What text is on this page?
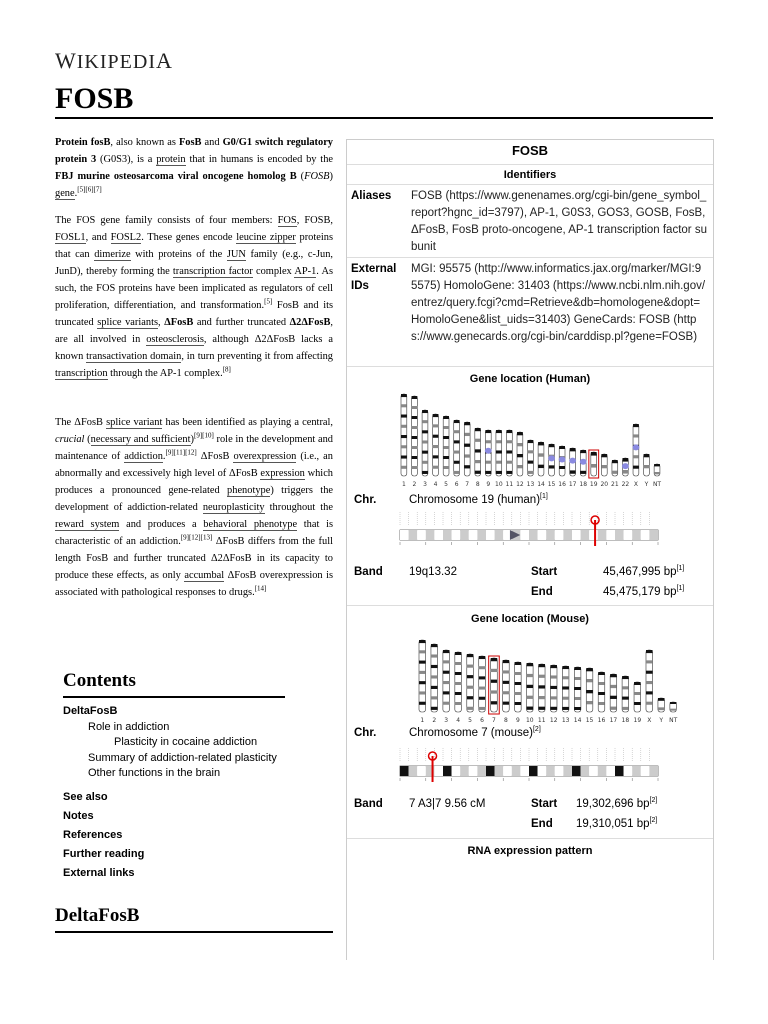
WIKIPEDIA
FOSB

Protein fosB, also known as FosB and G0/G1 switch regulatory protein 3 (G0S3), is a protein that in humans is encoded by the FBJ murine osteosarcoma viral oncogene homolog B (FOSB) gene.[5][6][7]

The FOS gene family consists of four members: FOS, FOSB, FOSL1, and FOSL2. These genes encode leucine zipper proteins that can dimerize with proteins of the JUN family (e.g., c-Jun, JunD), thereby forming the transcription factor complex AP-1. As such, the FOS proteins have been implicated as regulators of cell proliferation, differentiation, and transformation.[5] FosB and its truncated splice variants, ΔFosB and further truncated Δ2ΔFosB, are all involved in osteosclerosis, although Δ2ΔFosB lacks a known transactivation domain, in turn preventing it from affecting transcription through the AP-1 complex.[8]

The ΔFosB splice variant has been identified as playing a central, crucial (necessary and sufficient)[9][10] role in the development and maintenance of addiction.[9][11][12] ΔFosB overexpression (i.e., an abnormally and excessively high level of ΔFosB expression which produces a pronounced gene-related phenotype) triggers the development of addiction-related neuroplasticity throughout the reward system and produces a behavioral phenotype that is characteristic of an addiction.[9][12][13] ΔFosB differs from the full length FosB and further truncated Δ2ΔFosB in its capacity to produce these effects, as only accumbal ΔFosB overexpression is associated with pathological responses to drugs.[14]

Contents
DeltaFosB
Role in addiction
Plasticity in cocaine addiction
Summary of addiction-related plasticity
Other functions in the brain
See also
Notes
References
Further reading
External links
DeltaFosB
FOSB
Identifiers
Aliases FOSB (https://www.genenames.org/cgi-bin/gene_symbol_report?hgnc_id=3797), AP-1, G0S3, GOS3, GOSB, FosB, ΔFosB, FosB proto-oncogene, AP-1 transcription factor subunit
External IDs
MGI: 95575 (http://www.informatics.jax.org/marker/MGI:95575) HomoloGene: 31403 (https://www.ncbi.nlm.nih.gov/entrez/query.fcgi?cmd=Retrieve&db=homologene&dopt=HomoloGene&list_uids=31403) GeneCards: FOSB (https://www.genecards.org/cgi-bin/carddisp.pl?gene=FOSB)
Gene location (Human)
1 2 3 4 5 6 7 8 9 10 11 12 13 14 15 16 17 18 19 20 21 22 X Y NT
Chr.	Chromosome 19 (human)[1]
Band 19q13.32	Start	45,467,995 bp[1]
End	45,475,179 bp[1]
Gene location (Mouse)
1 2 3 4 5 6 7 8 9 10 11 12 13 14 15 16 17 18 19 X Y NT
Chr.	Chromosome 7 (mouse)[2]
Band 7 A3|7 9.56 cM	Start 19,302,696 bp[2]
End 19,310,051 bp[2]
RNA expression pattern
